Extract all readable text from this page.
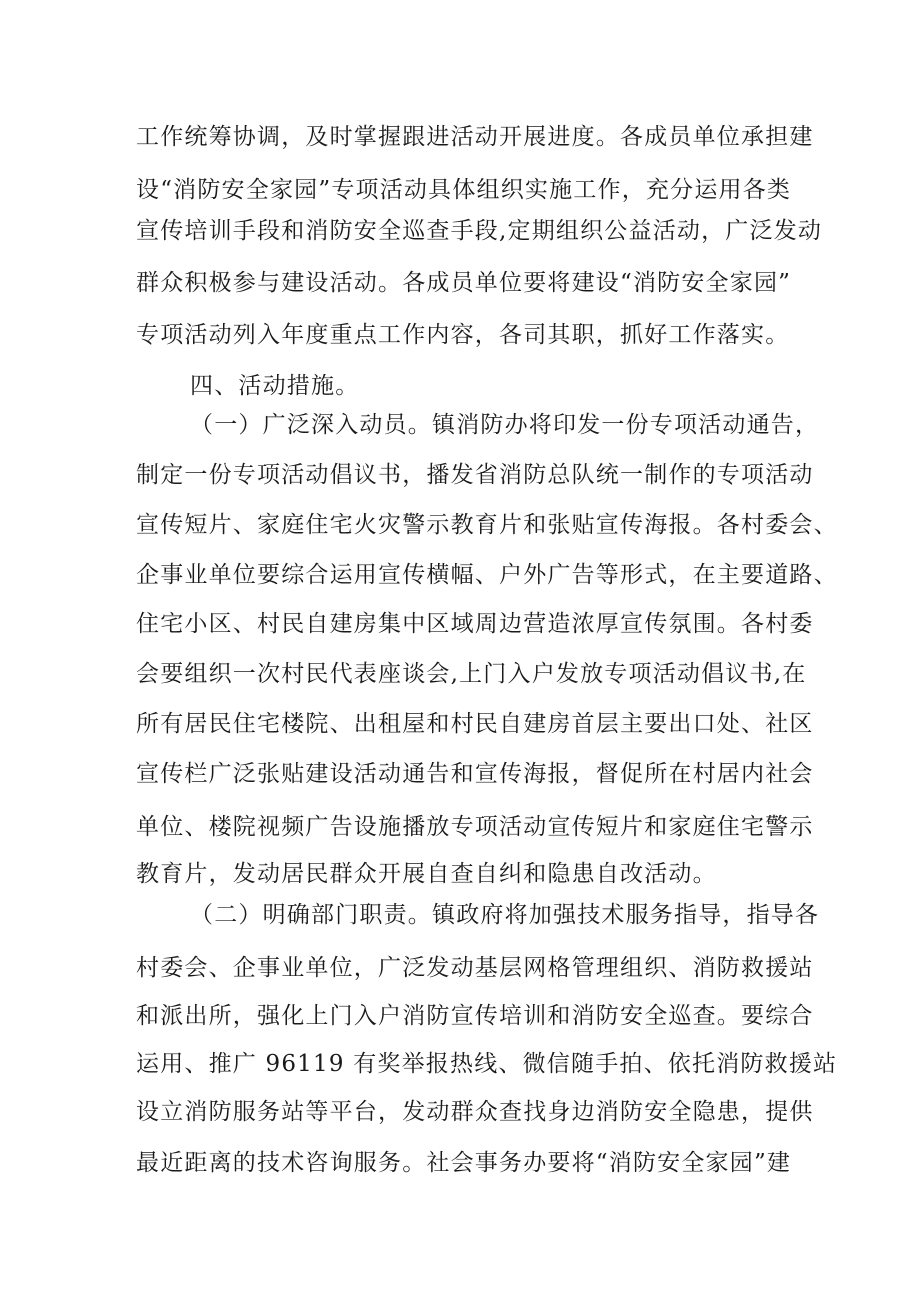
工作统筹协调，及时掌握跟进活动开展进度。各成员单位承担建
设“消防安全家园”专项活动具体组织实施工作，充分运用各类
宣传培训手段和消防安全巡查手段,定期组织公益活动，广泛发动
群众积极参与建设活动。各成员单位要将建设“消防安全家园”
专项活动列入年度重点工作内容，各司其职，抓好工作落实。
四、活动措施。
（一）广泛深入动员。镇消防办将印发一份专项活动通告，
制定一份专项活动倡议书，播发省消防总队统一制作的专项活动
宣传短片、家庭住宅火灾警示教育片和张贴宣传海报。各村委会、
企事业单位要综合运用宣传横幅、户外广告等形式，在主要道路、
住宅小区、村民自建房集中区域周边营造浓厚宣传氛围。各村委
会要组织一次村民代表座谈会,上门入户发放专项活动倡议书,在
所有居民住宅楼院、出租屋和村民自建房首层主要出口处、社区
宣传栏广泛张贴建设活动通告和宣传海报，督促所在村居内社会
单位、楼院视频广告设施播放专项活动宣传短片和家庭住宅警示
教育片，发动居民群众开展自查自纠和隐患自改活动。
（二）明确部门职责。镇政府将加强技术服务指导，指导各
村委会、企事业单位，广泛发动基层网格管理组织、消防救援站
和派出所，强化上门入户消防宣传培训和消防安全巡查。要综合
运用、推广 96119 有奖举报热线、微信随手拍、依托消防救援站
设立消防服务站等平台，发动群众查找身边消防安全隐患，提供
最近距离的技术咨询服务。社会事务办要将“消防安全家园”建
